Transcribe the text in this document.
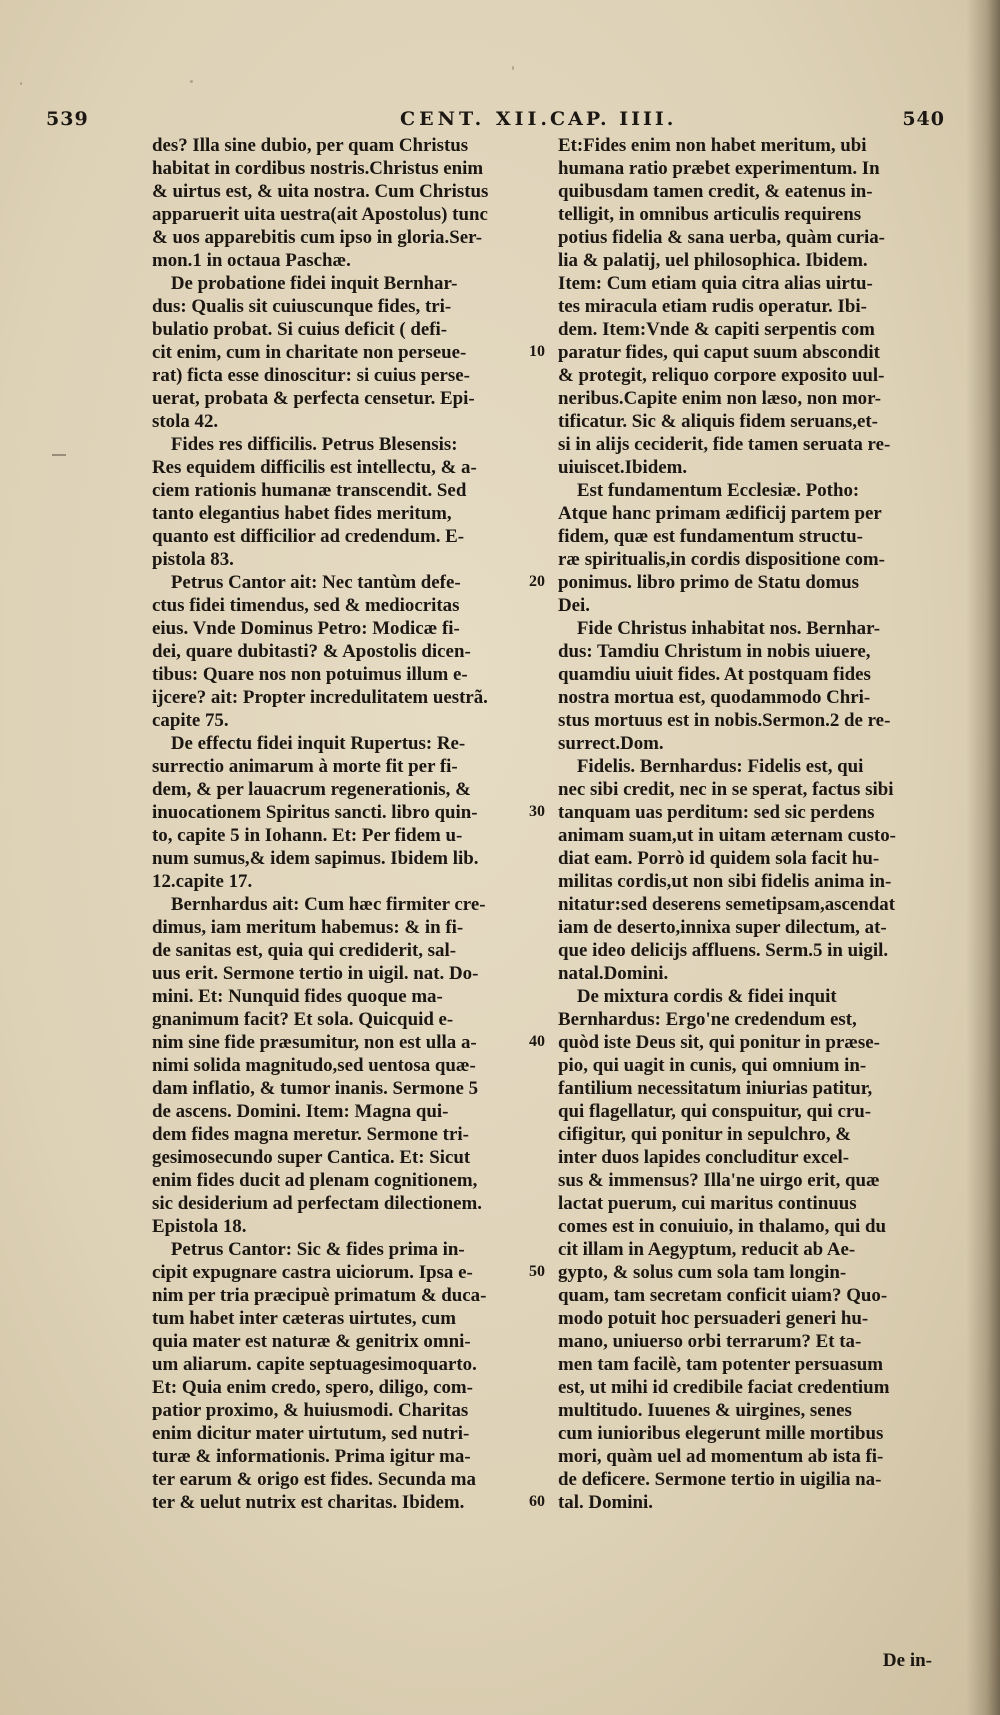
539	CENT. XII.
CAP. IIII.	540
des? Illa sine dubio, per quam Christus
habitat in cordibus nostris.Christus enim
& uirtus est, & uita nostra. Cum Christus
apparuerit uita uestra(ait Apostolus) tunc
& uos apparebitis cum ipso in gloria.Ser-
mon.1 in octaua Paschæ.
 De probatione fidei inquit Bernhar-
dus: Qualis sit cuiuscunque fides, tri-
bulatio probat. Si cuius deficit ( defi-
cit enim, cum in charitate non perseue-
rat) ficta esse dinoscitur: si cuius perse-
uerat, probata & perfecta censetur. Epi-
stola 42.
 Fides res difficilis. Petrus Blesensis:
Res equidem difficilis est intellectu, & a-
ciem rationis humanæ transcendit. Sed
tanto elegantius habet fides meritum,
quanto est difficilior ad credendum. E-
pistola 83.
 Petrus Cantor ait: Nec tantùm defe-
ctus fidei timendus, sed & mediocritas
eius. Vnde Dominus Petro: Modicæ fi-
dei, quare dubitasti? & Apostolis dicen-
tibus: Quare nos non potuimus illum e-
ijcere? ait: Propter incredulitatem uestrã.
capite 75.
 De effectu fidei inquit Rupertus: Re-
surrectio animarum à morte fit per fi-
dem, & per lauacrum regenerationis, &
inuocationem Spiritus sancti. libro quin-
to, capite 5 in Iohann. Et: Per fidem u-
num sumus,& idem sapimus. Ibidem lib.
12.capite 17.
 Bernhardus ait: Cum hæc firmiter cre-
dimus, iam meritum habemus: & in fi-
de sanitas est, quia qui crediderit, sal-
uus erit. Sermone tertio in uigil. nat. Do-
mini. Et: Nunquid fides quoque ma-
gnanimum facit? Et sola. Quicquid e-
nim sine fide præsumitur, non est ulla a-
nimi solida magnitudo,sed uentosa quæ-
dam inflatio, & tumor inanis. Sermone 5
de ascens. Domini. Item: Magna qui-
dem fides magna meretur. Sermone tri-
gesimosecundo super Cantica. Et: Sicut
enim fides ducit ad plenam cognitionem,
sic desiderium ad perfectam dilectionem.
Epistola 18.
 Petrus Cantor: Sic & fides prima in-
cipit expugnare castra uiciorum. Ipsa e-
nim per tria præcipuè primatum & duca-
tum habet inter cæteras uirtutes, cum
quia mater est naturæ & genitrix omni-
um aliarum. capite septuagesimoquarto.
Et: Quia enim credo, spero, diligo, com-
patior proximo, & huiusmodi. Charitas
enim dicitur mater uirtutum, sed nutri-
turæ & informationis. Prima igitur ma-
ter earum & origo est fides. Secunda ma
ter & uelut nutrix est charitas. Ibidem.
Et:Fides enim non habet meritum, ubi
humana ratio præbet experimentum. In
quibusdam tamen credit, & eatenus in-
telligit, in omnibus articulis requirens
potius fidelia & sana uerba, quàm curia-
lia & palatij, uel philosophica. Ibidem.
Item: Cum etiam quia citra alias uirtu-
tes miracula etiam rudis operatur. Ibi-
dem. Item:Vnde & capiti serpentis com
paratur fides, qui caput suum abscondit
& protegit, reliquo corpore exposito uul-
neribus.Capite enim non læso, non mor-
tificatur. Sic & aliquis fidem seruans,et-
si in alijs ceciderit, fide tamen seruata re-
uiuiscet.Ibidem.
 Est fundamentum Ecclesiæ. Potho:
Atque hanc primam ædificij partem per
fidem, quæ est fundamentum structu-
ræ spiritualis,in cordis dispositione com-
ponimus. libro primo de Statu domus
Dei.
 Fide Christus inhabitat nos. Bernhar-
dus: Tamdiu Christum in nobis uiuere,
quamdiu uiuit fides. At postquam fides
nostra mortua est, quodammodo Chri-
stus mortuus est in nobis.Sermon.2 de re-
surrect.Dom.
 Fidelis. Bernhardus: Fidelis est, qui
nec sibi credit, nec in se sperat, factus sibi
tanquam uas perditum: sed sic perdens
animam suam,ut in uitam æternam custo-
diat eam. Porrò id quidem sola facit hu-
militas cordis,ut non sibi fidelis anima in-
nitatur:sed deserens semetipsam,ascendat
iam de deserto,innixa super dilectum, at-
que ideo delicijs affluens. Serm.5 in uigil.
natal.Domini.
 De mixtura cordis & fidei inquit
Bernhardus: Ergo'ne credendum est,
quòd iste Deus sit, qui ponitur in præse-
pio, qui uagit in cunis, qui omnium in-
fantilium necessitatum iniurias patitur,
qui flagellatur, qui conspuitur, qui cru-
cifigitur, qui ponitur in sepulchro, &
inter duos lapides concluditur excel-
sus & immensus? Illa'ne uirgo erit, quæ
lactat puerum, cui maritus continuus
comes est in conuiuio, in thalamo, qui du
cit illam in Aegyptum, reducit ab Ae-
gypto, & solus cum sola tam longin-
quam, tam secretam conficit uiam? Quo-
modo potuit hoc persuaderi generi hu-
mano, uniuerso orbi terrarum? Et ta-
men tam facilè, tam potenter persuasum
est, ut mihi id credibile faciat credentium
multitudo. Iuuenes & uirgines, senes
cum iunioribus elegerunt mille mortibus
mori, quàm uel ad momentum ab ista fi-
de deficere. Sermone tertio in uigilia na-
tal. Domini.
10
20
30
40
50
60
De in-
